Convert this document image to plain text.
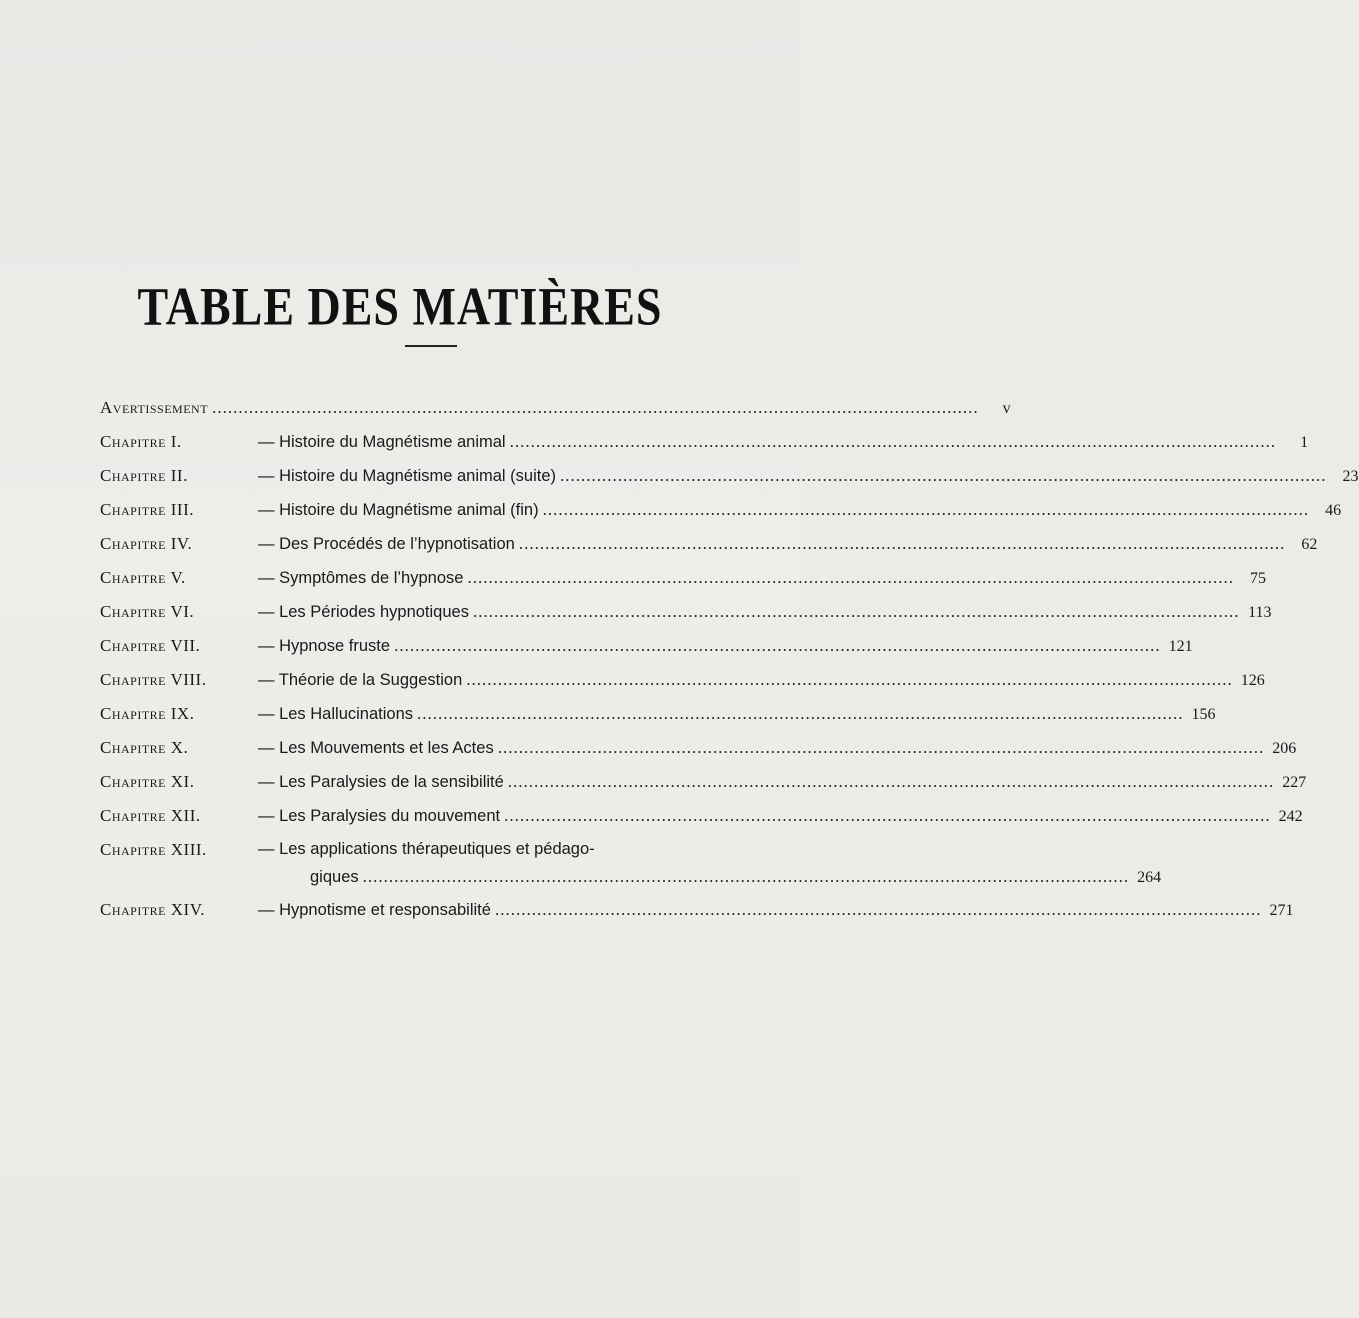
TABLE DES MATIÈRES
Avertissement .....	v
Chapitre I.	— Histoire du Magnétisme animal .....	1
Chapitre II.	— Histoire du Magnétisme animal (suite) .....	23
Chapitre III.	— Histoire du Magnétisme animal (fin) .....	46
Chapitre IV.	— Des Procédés de l’hypnotisation .....	62
Chapitre V.	— Symptômes de l’hypnose .....	75
Chapitre VI.	— Les Périodes hypnotiques .....	113
Chapitre VII.	— Hypnose fruste .....	121
Chapitre VIII.	— Théorie de la Suggestion .....	126
Chapitre IX.	— Les Hallucinations .....	156
Chapitre X.	— Les Mouvements et les Actes .....	206
Chapitre XI.	— Les Paralysies de la sensibilité .....	227
Chapitre XII.	— Les Paralysies du mouvement .....	242
Chapitre XIII.	— Les applications thérapeutiques et pédago-
giques .....	264
Chapitre XIV.	— Hypnotisme et responsabilité .....	271
